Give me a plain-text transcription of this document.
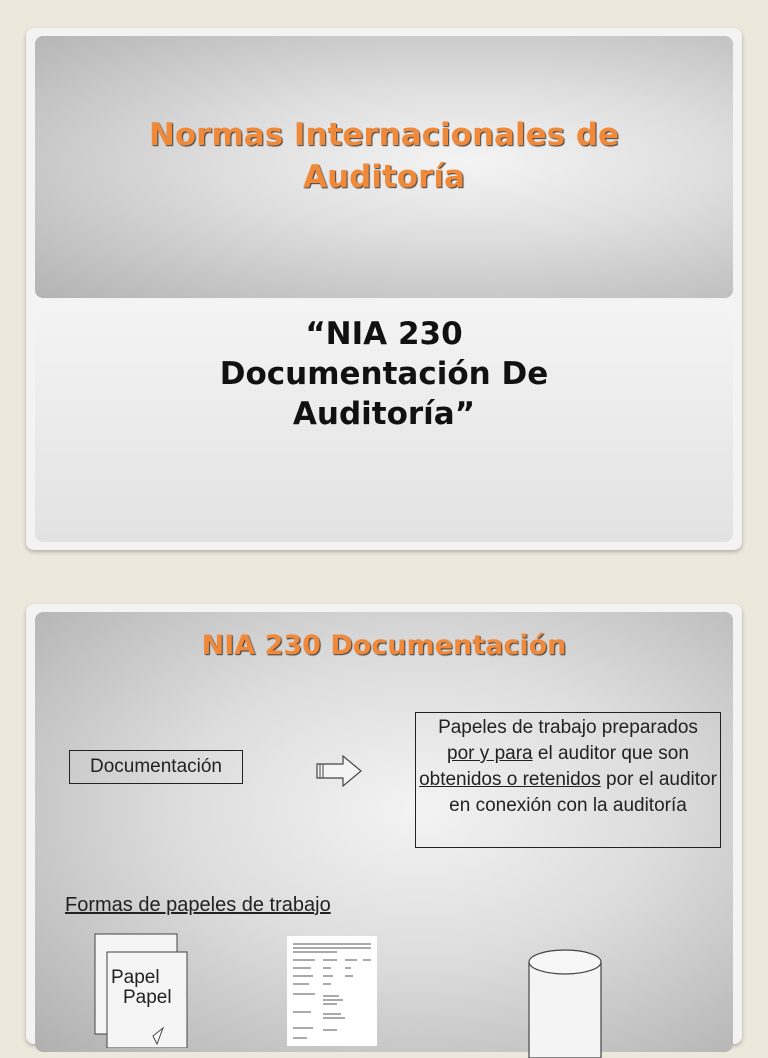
Normas Internacionales de
Auditoría
“NIA 230
Documentación De
Auditoría”
NIA 230 Documentación
Documentación
Papeles de trabajo preparados
por y para el auditor que son
obtenidos o retenidos por el auditor en conexión con la auditoría
Formas de papeles de trabajo
Papel
Papel
